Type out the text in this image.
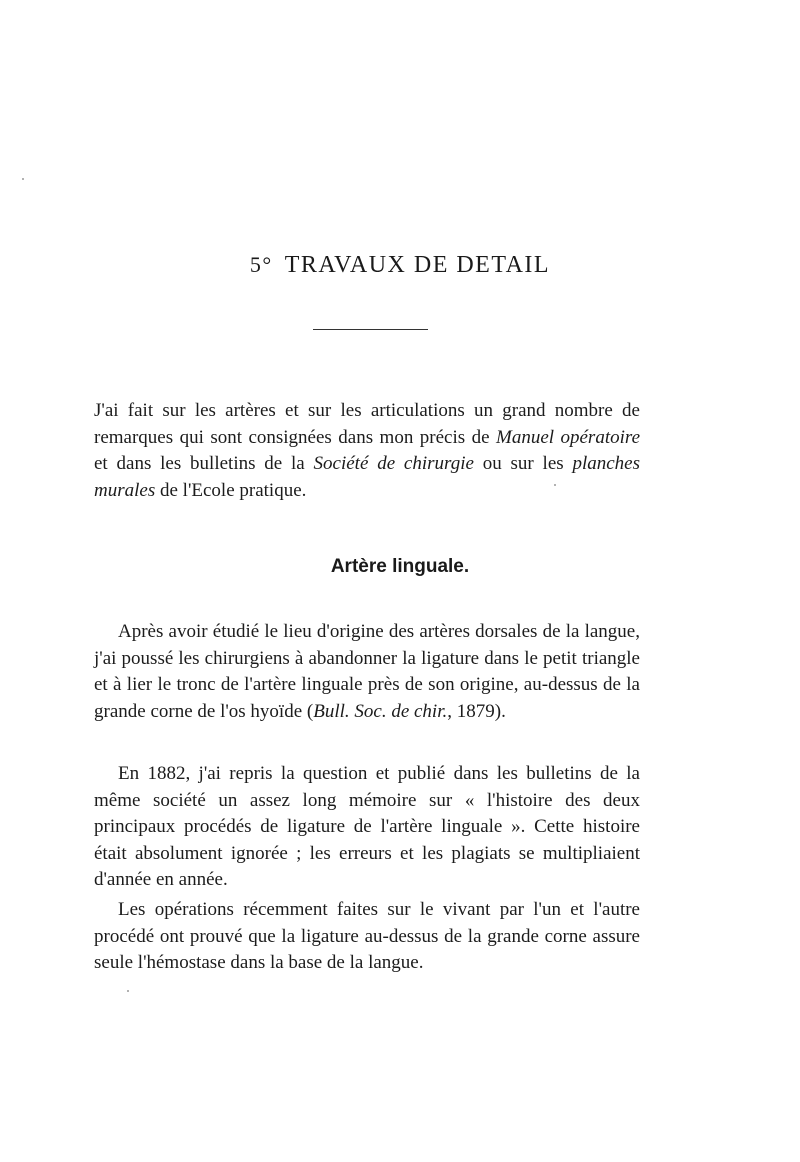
5° TRAVAUX DE DETAIL

J'ai fait sur les artères et sur les articulations un grand nombre de remarques qui sont consignées dans mon précis de Manuel opératoire et dans les bulletins de la Société de chirurgie ou sur les planches murales de l'Ecole pratique.

Artère linguale.

Après avoir étudié le lieu d'origine des artères dorsales de la langue, j'ai poussé les chirurgiens à abandonner la ligature dans le petit triangle et à lier le tronc de l'artère linguale près de son origine, au-dessus de la grande corne de l'os hyoïde (Bull. Soc. de chir., 1879).

En 1882, j'ai repris la question et publié dans les bulletins de la même société un assez long mémoire sur « l'histoire des deux principaux procédés de ligature de l'artère linguale ». Cette histoire était absolument ignorée ; les erreurs et les plagiats se multipliaient d'année en année.

Les opérations récemment faites sur le vivant par l'un et l'autre procédé ont prouvé que la ligature au-dessus de la grande corne assure seule l'hémostase dans la base de la langue.
